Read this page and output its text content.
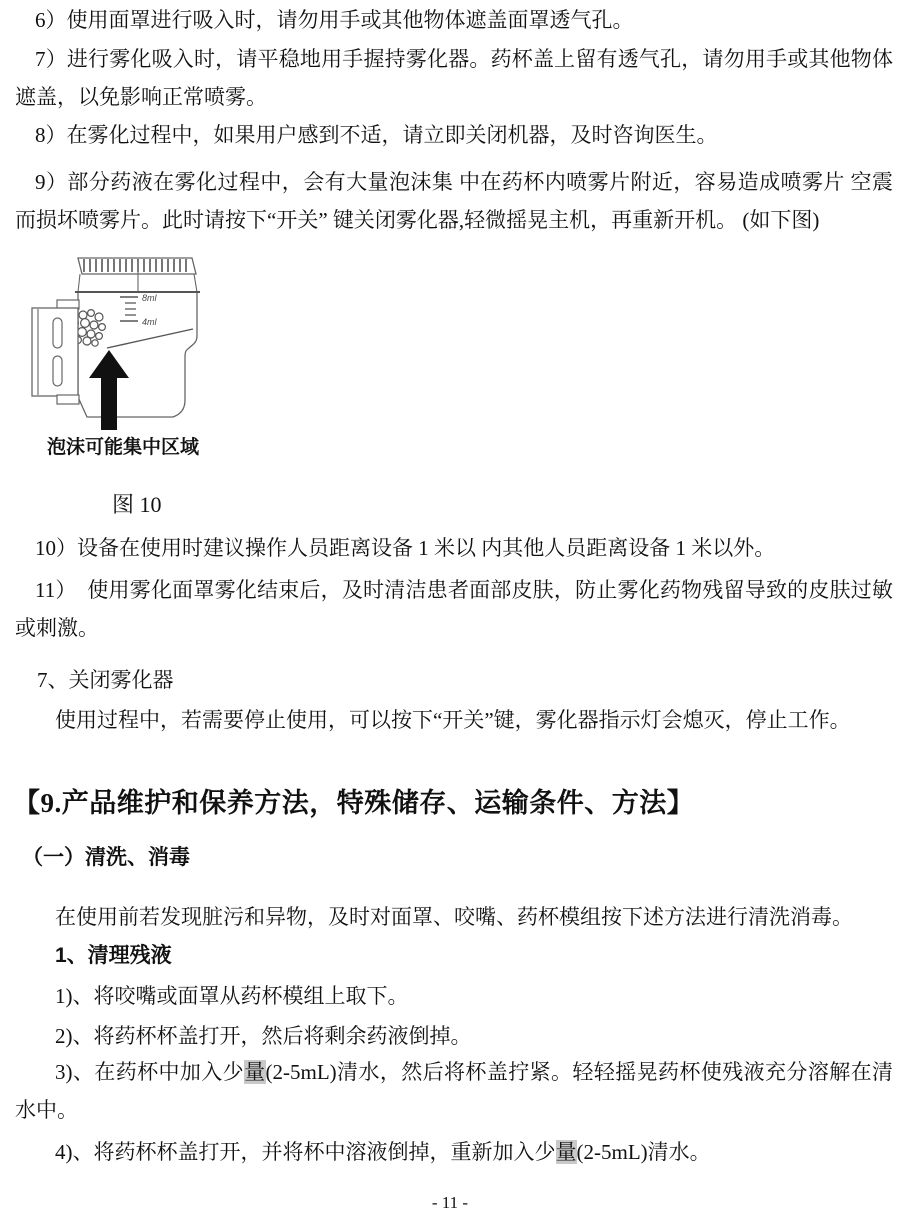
6）使用面罩进行吸入时，请勿用手或其他物体遮盖面罩透气孔。

7）进行雾化吸入时，请平稳地用手握持雾化器。药杯盖上留有透气孔，请勿用手或其他物体遮盖，以免影响正常喷雾。

8）在雾化过程中，如果用户感到不适，请立即关闭机器，及时咨询医生。

9）部分药液在雾化过程中，会有大量泡沫集 中在药杯内喷雾片附近，容易造成喷雾片 空震而损坏喷雾片。此时请按下“开关” 键关闭雾化器,轻微摇晃主机，再重新开机。 (如下图)

8ml
4ml

泡沫可能集中区域

图 10

10）设备在使用时建议操作人员距离设备 1 米以 内其他人员距离设备 1 米以外。

11）　使用雾化面罩雾化结束后，及时清洁患者面部皮肤，防止雾化药物残留导致的皮肤过敏或刺激。

7、关闭雾化器

使用过程中，若需要停止使用，可以按下“开关”键，雾化器指示灯会熄灭，停止工作。

【9.产品维护和保养方法，特殊储存、运输条件、方法】

（一）清洗、消毒

在使用前若发现脏污和异物，及时对面罩、咬嘴、药杯模组按下述方法进行清洗消毒。

1、清理残液

1)、将咬嘴或面罩从药杯模组上取下。

2)、将药杯杯盖打开，然后将剩余药液倒掉。

3)、在药杯中加入少量(2-5mL)清水，然后将杯盖拧紧。轻轻摇晃药杯使残液充分溶解在清水中。

4)、将药杯杯盖打开，并将杯中溶液倒掉，重新加入少量(2-5mL)清水。

- 11 -
